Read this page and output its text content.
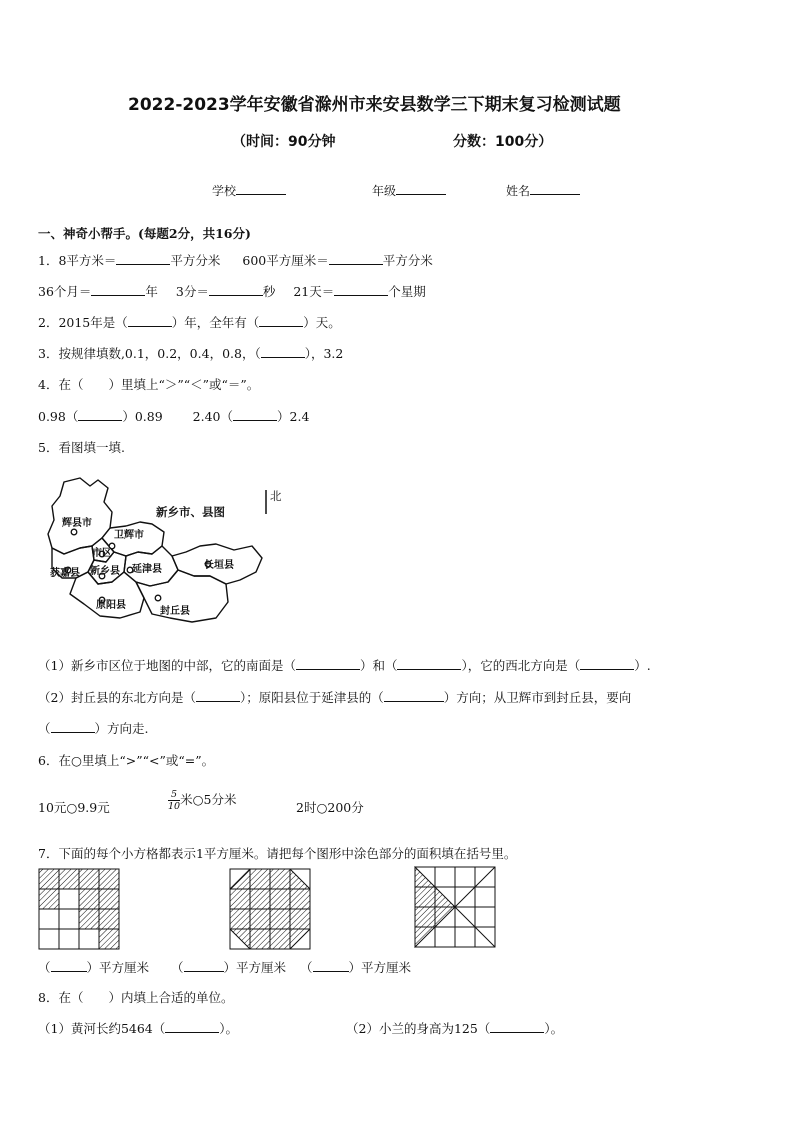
2022-2023学年安徽省滁州市来安县数学三下期末复习检测试题
（时间：90分钟	分数：100分）
学校	年级	姓名
一、神奇小帮手。(每题2分，共16分)
1．8平方米＝	平方分米 600平方厘米＝	平方分米
36个月＝	年 3分＝	秒 21天＝	个星期
2．2015年是（	）年，全年有（	）天。
3．按规律填数,0.1，0.2，0.4，0.8，（	），3.2
4．在（　　）里填上“＞”“＜”或“＝”。
0.98（	）0.89 2.40（	）2.4
5．看图填一填.
辉县市
卫辉市
市区
获嘉县 新乡县 延津县	长垣县
原阳县
封丘县
新乡市、县图
北
（1）新乡市区位于地图的中部，它的南面是（	）和（	），它的西北方向是（	）.
（2）封丘县的东北方向是（	）；原阳县位于延津县的（	）方向；从卫辉市到封丘县，要向
（	）方向走.
6．在○里填上“>”“<”或“=”。
10元○9.9元	$\frac{5}{10}$ 米○5分米
2时○200分
7．下面的每个小方格都表示1平方厘米。请把每个图形中涂色部分的面积填在括号里。
（	）平方厘米 （	）平方厘米 （	）平方厘米
8．在（　　）内填上合适的单位。
（1）黄河长约5464（	）。	（2）小兰的身高为125（	）。
